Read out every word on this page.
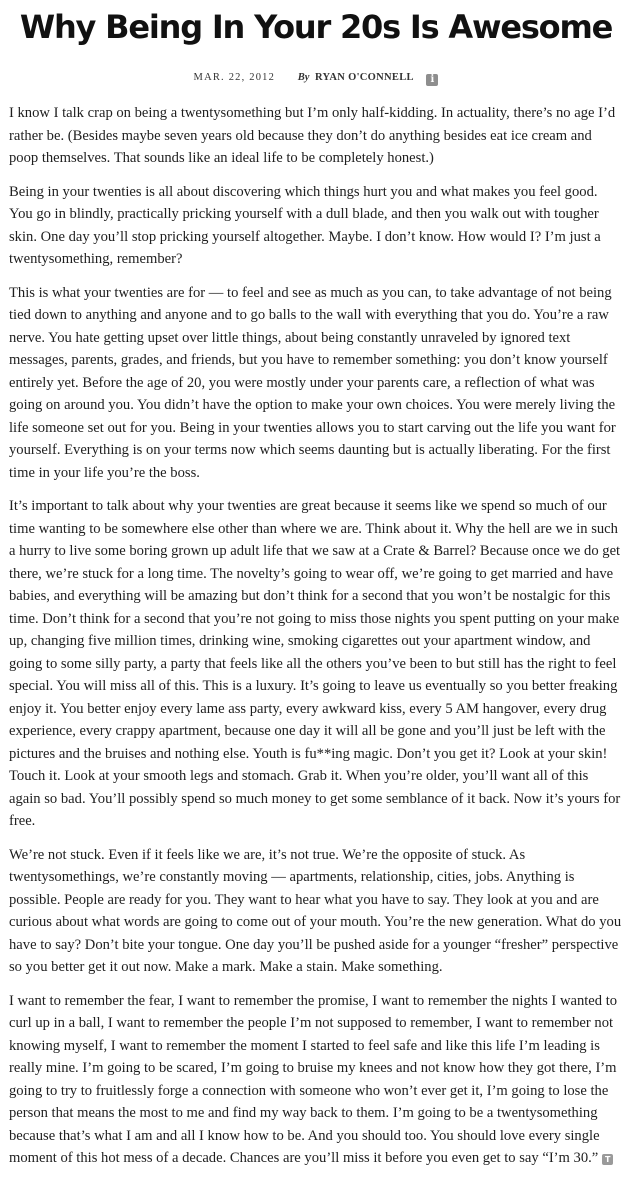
Why Being In Your 20s Is Awesome
MAR. 22, 2012 By RYAN O'CONNELL i

I know I talk crap on being a twentysomething but I’m only half-kidding. In actuality, there’s no age I’d rather be. (Besides maybe seven years old because they don’t do anything besides eat ice cream and poop themselves. That sounds like an ideal life to be completely honest.)

Being in your twenties is all about discovering which things hurt you and what makes you feel good. You go in blindly, practically pricking yourself with a dull blade, and then you walk out with tougher skin. One day you’ll stop pricking yourself altogether. Maybe. I don’t know. How would I? I’m just a twentysomething, remember?

This is what your twenties are for — to feel and see as much as you can, to take advantage of not being tied down to anything and anyone and to go balls to the wall with everything that you do. You’re a raw nerve. You hate getting upset over little things, about being constantly unraveled by ignored text messages, parents, grades, and friends, but you have to remember something: you don’t know yourself entirely yet. Before the age of 20, you were mostly under your parents care, a reflection of what was going on around you. You didn’t have the option to make your own choices. You were merely living the life someone set out for you. Being in your twenties allows you to start carving out the life you want for yourself. Everything is on your terms now which seems daunting but is actually liberating. For the first time in your life you’re the boss.

It’s important to talk about why your twenties are great because it seems like we spend so much of our time wanting to be somewhere else other than where we are. Think about it. Why the hell are we in such a hurry to live some boring grown up adult life that we saw at a Crate & Barrel? Because once we do get there, we’re stuck for a long time. The novelty’s going to wear off, we’re going to get married and have babies, and everything will be amazing but don’t think for a second that you won’t be nostalgic for this time. Don’t think for a second that you’re not going to miss those nights you spent putting on your make up, changing five million times, drinking wine, smoking cigarettes out your apartment window, and going to some silly party, a party that feels like all the others you’ve been to but still has the right to feel special. You will miss all of this. This is a luxury. It’s going to leave us eventually so you better freaking enjoy it. You better enjoy every lame ass party, every awkward kiss, every 5 AM hangover, every drug experience, every crappy apartment, because one day it will all be gone and you’ll just be left with the pictures and the bruises and nothing else. Youth is fu**ing magic. Don’t you get it? Look at your skin! Touch it. Look at your smooth legs and stomach. Grab it. When you’re older, you’ll want all of this again so bad. You’ll possibly spend so much money to get some semblance of it back. Now it’s yours for free.

We’re not stuck. Even if it feels like we are, it’s not true. We’re the opposite of stuck. As twentysomethings, we’re constantly moving — apartments, relationship, cities, jobs. Anything is possible. People are ready for you. They want to hear what you have to say. They look at you and are curious about what words are going to come out of your mouth. You’re the new generation. What do you have to say? Don’t bite your tongue. One day you’ll be pushed aside for a younger “fresher” perspective so you better get it out now. Make a mark. Make a stain. Make something.

I want to remember the fear, I want to remember the promise, I want to remember the nights I wanted to curl up in a ball, I want to remember the people I’m not supposed to remember, I want to remember not knowing myself, I want to remember the moment I started to feel safe and like this life I’m leading is really mine. I’m going to be scared, I’m going to bruise my knees and not know how they got there, I’m going to try to fruitlessly forge a connection with someone who won’t ever get it, I’m going to lose the person that means the most to me and find my way back to them. I’m going to be a twentysomething because that’s what I am and all I know how to be. And you should too. You should love every single moment of this hot mess of a decade. Chances are you’ll miss it before you even get to say “I’m 30.” T
